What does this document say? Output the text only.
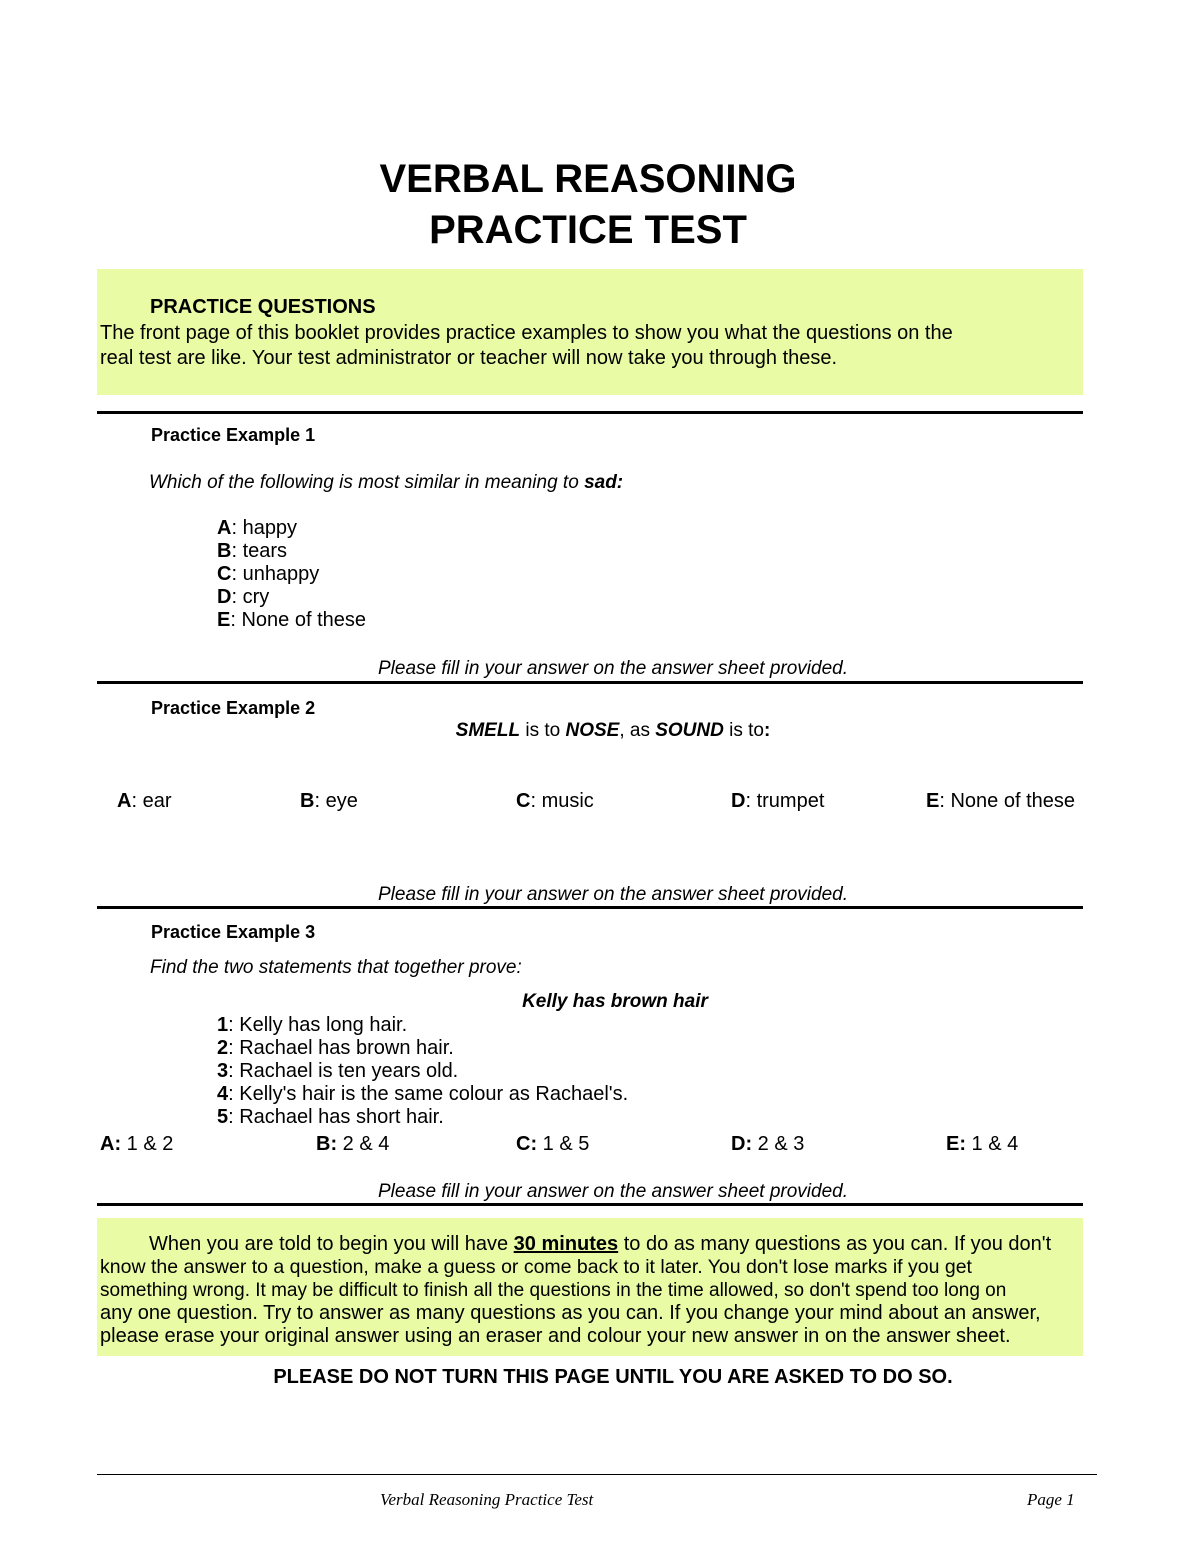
VERBAL REASONING
PRACTICE TEST
PRACTICE QUESTIONS
The front page of this booklet provides practice examples to show you what the questions on the
real test are like. Your test administrator or teacher will now take you through these.
Practice Example 1
Which of the following is most similar in meaning to sad:
A: happy
B: tears
C: unhappy
D: cry
E: None of these
Please fill in your answer on the answer sheet provided.
Practice Example 2
SMELL is to NOSE, as SOUND is to:
A: ear	B: eye	C: music	D: trumpet	E: None of these
Please fill in your answer on the answer sheet provided.
Practice Example 3
Find the two statements that together prove:
Kelly has brown hair
1: Kelly has long hair.
2: Rachael has brown hair.
3: Rachael is ten years old.
4: Kelly's hair is the same colour as Rachael's.
5: Rachael has short hair.
A: 1 & 2	B: 2 & 4	C: 1 & 5	D: 2 & 3	E: 1 & 4
Please fill in your answer on the answer sheet provided.
When you are told to begin you will have 30 minutes to do as many questions as you can. If you don't
know the answer to a question, make a guess or come back to it later. You don't lose marks if you get
something wrong. It may be difficult to finish all the questions in the time allowed, so don't spend too long on
any one question. Try to answer as many questions as you can. If you change your mind about an answer,
please erase your original answer using an eraser and colour your new answer in on the answer sheet.
PLEASE DO NOT TURN THIS PAGE UNTIL YOU ARE ASKED TO DO SO.
Verbal Reasoning Practice Test	Page 1
